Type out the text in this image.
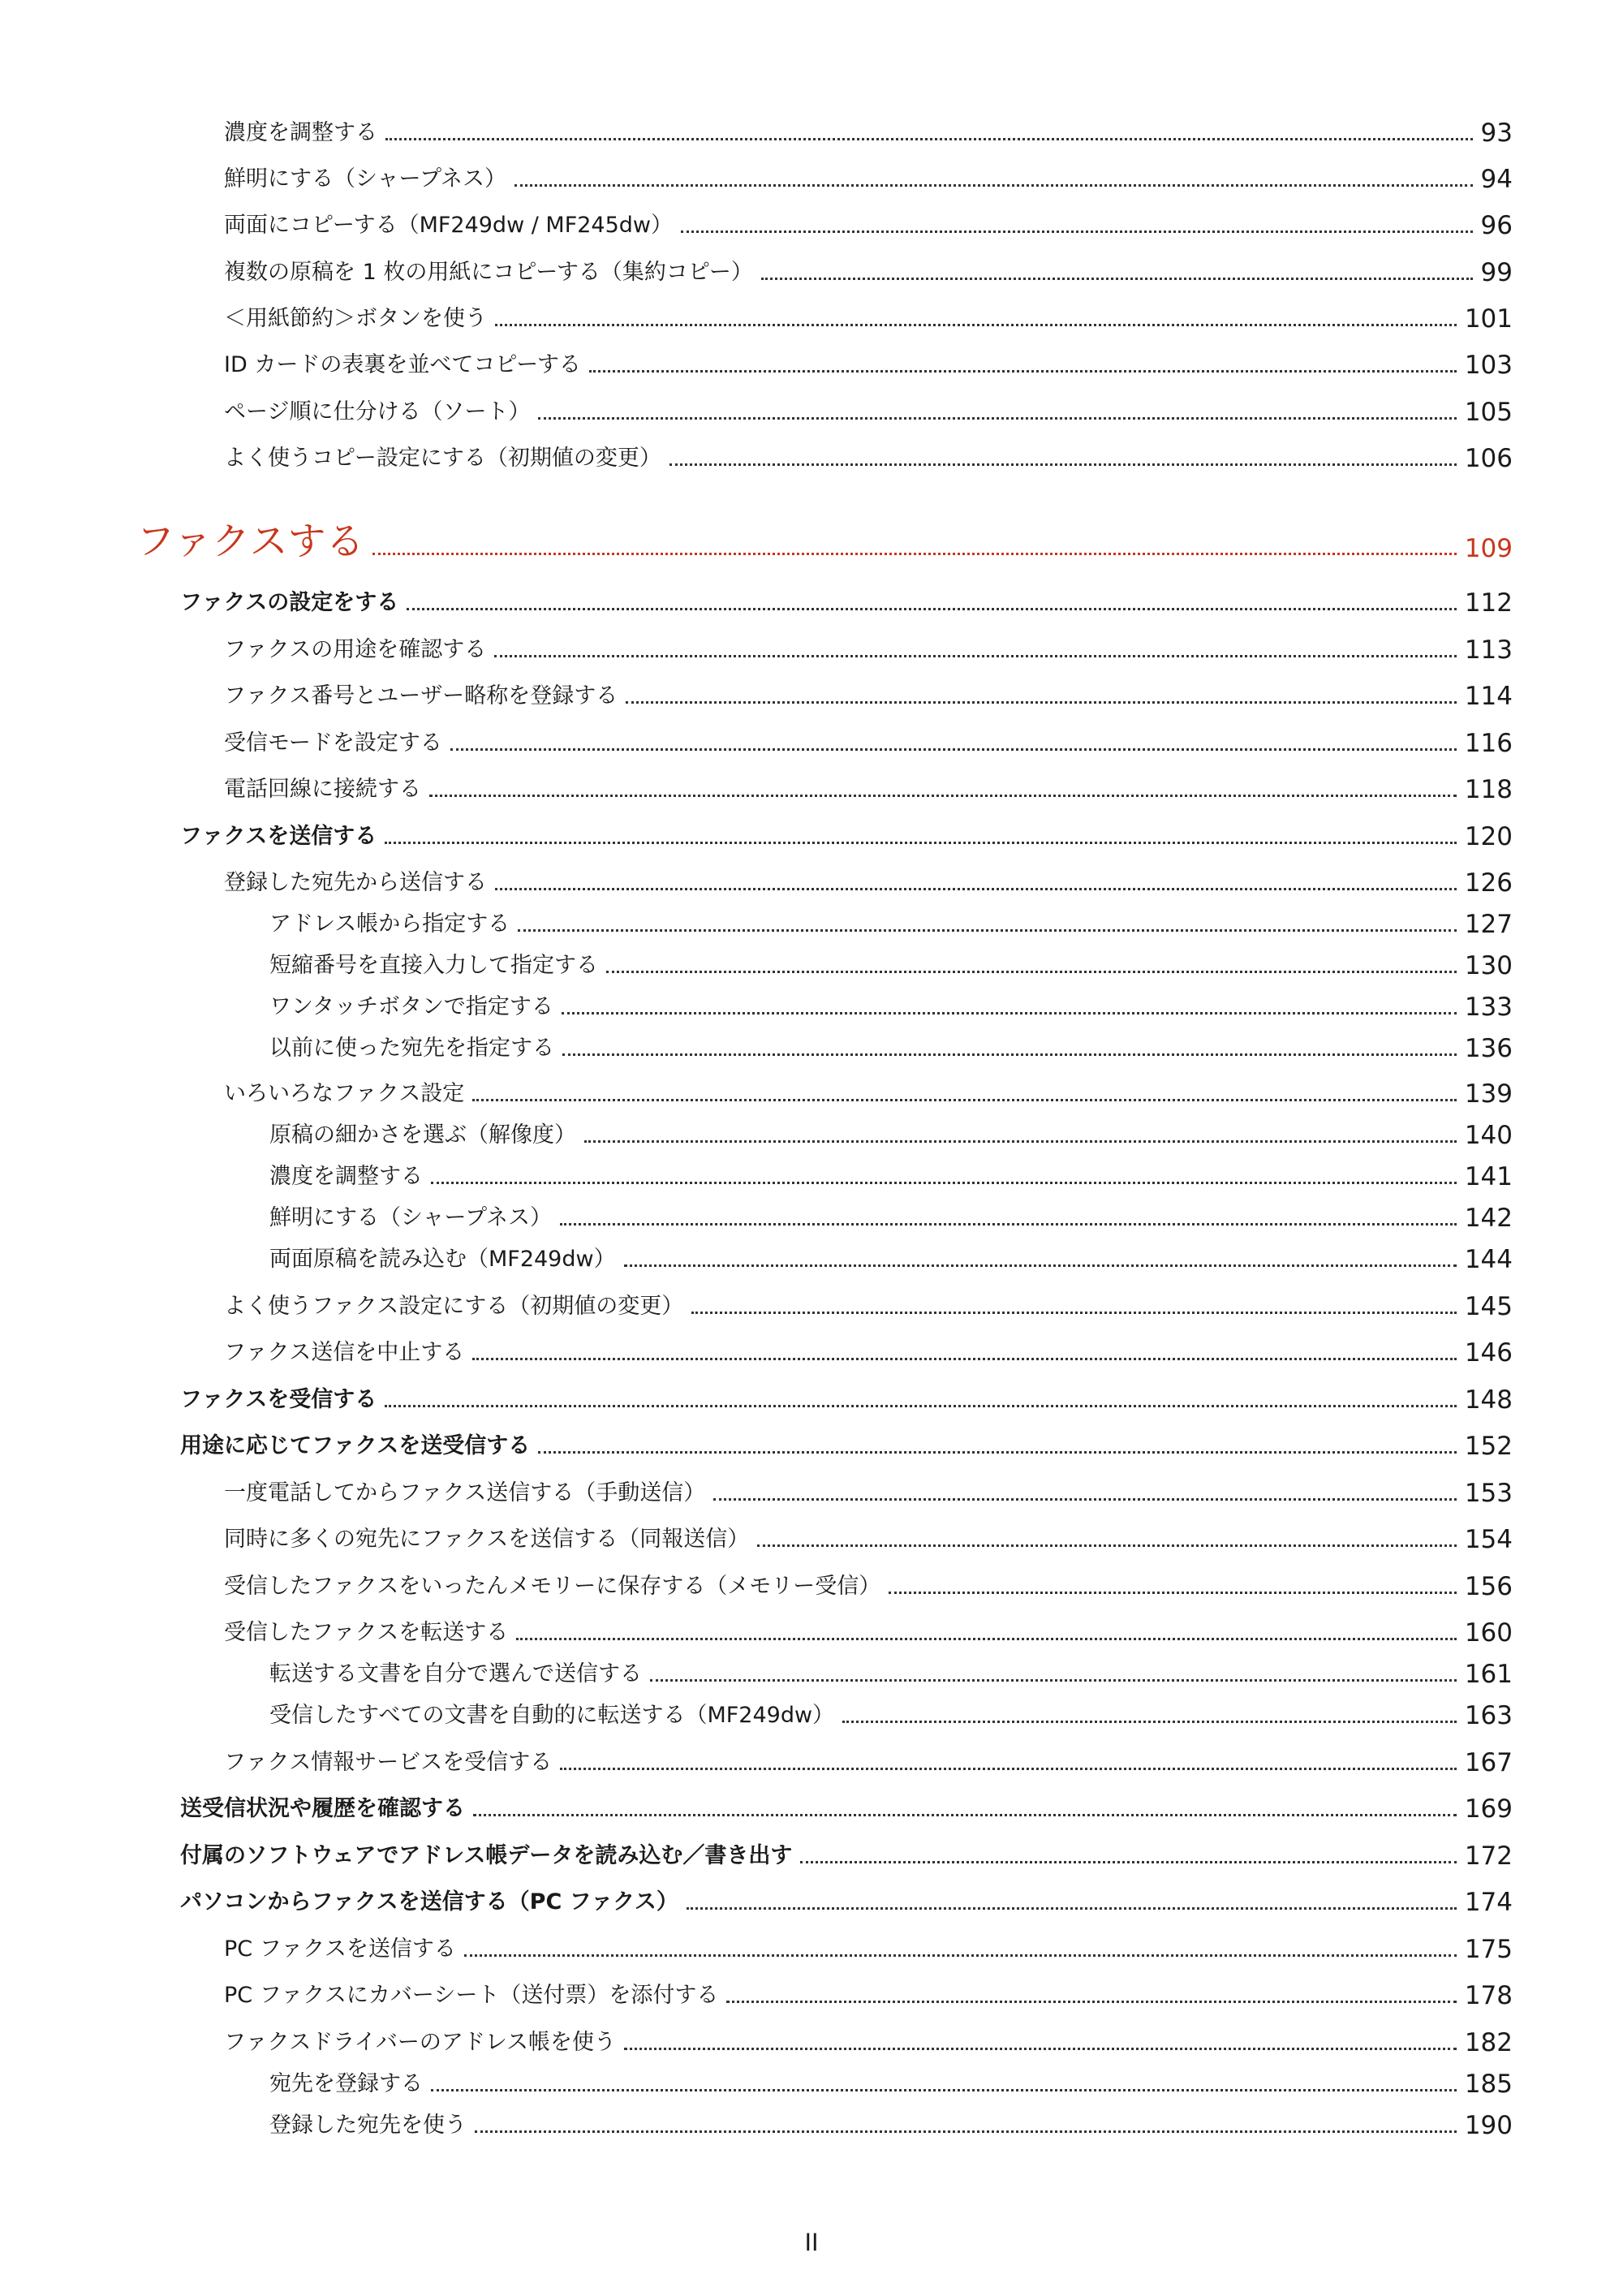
濃度を調整する	93
鮮明にする（シャープネス）	94
両面にコピーする（MF249dw / MF245dw）	96
複数の原稿を 1 枚の用紙にコピーする（集約コピー）	99
＜用紙節約＞ボタンを使う	101
ID カードの表裏を並べてコピーする	103
ページ順に仕分ける（ソート）	105
よく使うコピー設定にする（初期値の変更）	106
ファクスする	109
ファクスの設定をする	112
ファクスの用途を確認する	113
ファクス番号とユーザー略称を登録する	114
受信モードを設定する	116
電話回線に接続する	118
ファクスを送信する	120
登録した宛先から送信する	126
アドレス帳から指定する	127
短縮番号を直接入力して指定する	130
ワンタッチボタンで指定する	133
以前に使った宛先を指定する	136
いろいろなファクス設定	139
原稿の細かさを選ぶ（解像度）	140
濃度を調整する	141
鮮明にする（シャープネス）	142
両面原稿を読み込む（MF249dw）	144
よく使うファクス設定にする（初期値の変更）	145
ファクス送信を中止する	146
ファクスを受信する	148
用途に応じてファクスを送受信する	152
一度電話してからファクス送信する（手動送信）	153
同時に多くの宛先にファクスを送信する（同報送信）	154
受信したファクスをいったんメモリーに保存する（メモリー受信）	156
受信したファクスを転送する	160
転送する文書を自分で選んで送信する	161
受信したすべての文書を自動的に転送する（MF249dw）	163
ファクス情報サービスを受信する	167
送受信状況や履歴を確認する	169
付属のソフトウェアでアドレス帳データを読み込む／書き出す	172
パソコンからファクスを送信する（PC ファクス）	174
PC ファクスを送信する	175
PC ファクスにカバーシート（送付票）を添付する	178
ファクスドライバーのアドレス帳を使う	182
宛先を登録する	185
登録した宛先を使う	190
II
